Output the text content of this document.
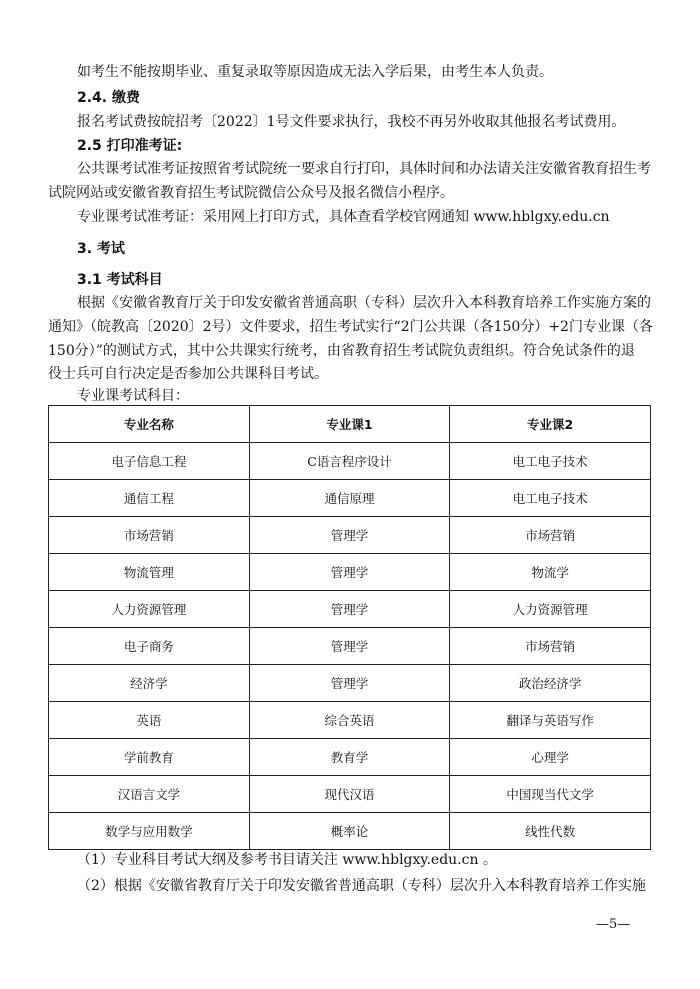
如考生不能按期毕业、重复录取等原因造成无法入学后果，由考生本人负责。
2.4. 缴费
报名考试费按皖招考〔2022〕1号文件要求执行，我校不再另外收取其他报名考试费用。
2.5 打印准考证:
公共课考试准考证按照省考试院统一要求自行打印，具体时间和办法请关注安徽省教育招生考
试院网站或安徽省教育招生考试院微信公众号及报名微信小程序。
专业课考试准考证：采用网上打印方式，具体查看学校官网通知 www.hblgxy.edu.cn
3. 考试
3.1 考试科目
根据《安徽省教育厅关于印发安徽省普通高职（专科）层次升入本科教育培养工作实施方案的
通知》（皖教高〔2020〕2号）文件要求，招生考试实行“2门公共课（各150分）+2门专业课（各
150分）”的测试方式，其中公共课实行统考，由省教育招生考试院负责组织。符合免试条件的退
役士兵可自行决定是否参加公共课科目考试。
专业课考试科目：
专业名称	专业课1	专业课2
电子信息工程	C语言程序设计	电工电子技术
通信工程	通信原理	电工电子技术
市场营销	管理学	市场营销
物流管理	管理学	物流学
人力资源管理	管理学	人力资源管理
电子商务	管理学	市场营销
经济学	管理学	政治经济学
英语	综合英语	翻译与英语写作
学前教育	教育学	心理学
汉语言文学	现代汉语	中国现当代文学
数学与应用数学	概率论	线性代数
（1）专业科目考试大纲及参考书目请关注 www.hblgxy.edu.cn 。
（2）根据《安徽省教育厅关于印发安徽省普通高职（专科）层次升入本科教育培养工作实施
—5—
